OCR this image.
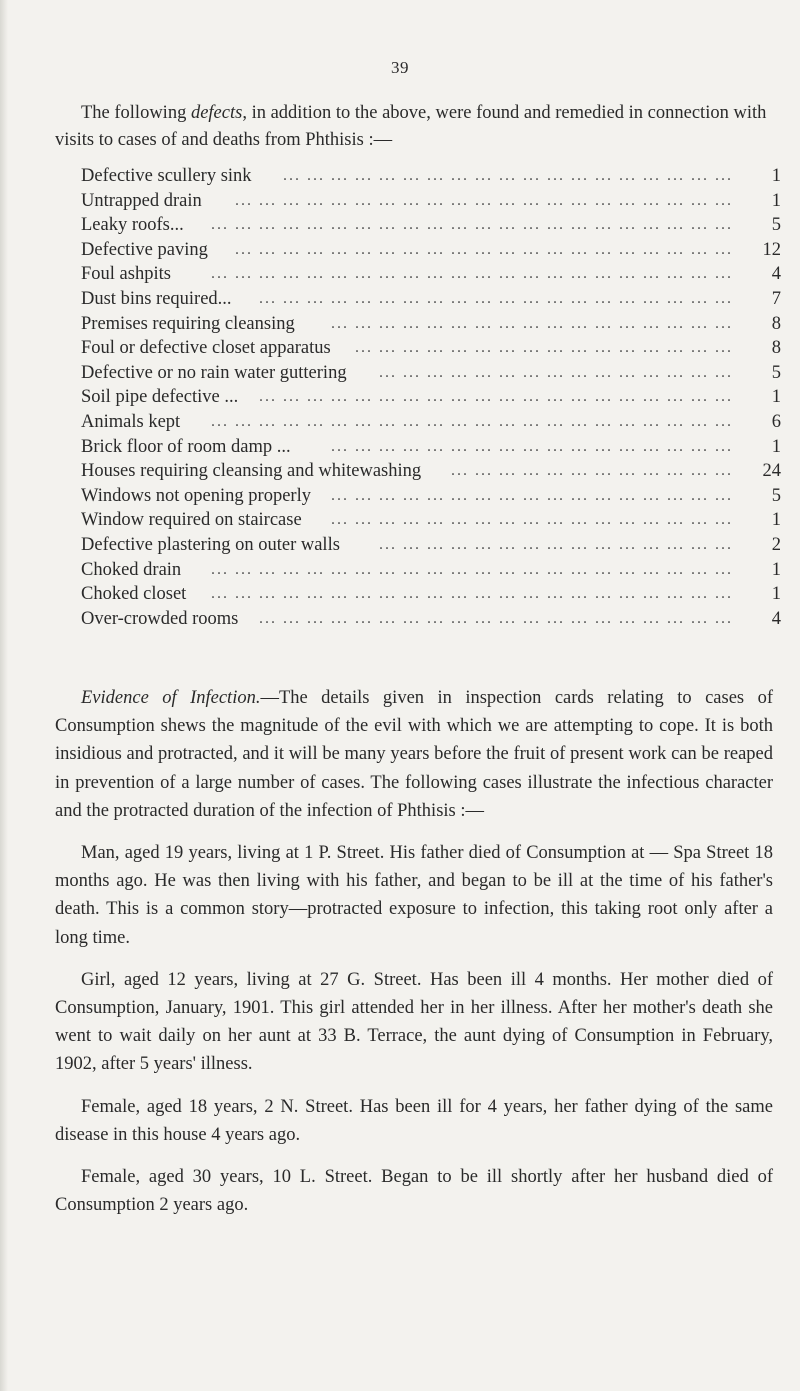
39

The following defects, in addition to the above, were found and remedied in connection with visits to cases of and deaths from Phthisis :—

Defective scullery sink ... ... ... ... ... ... ... ... ... ... ... ... ... ... ... ... ... ... ...	1
Untrapped drain ... ... ... ... ... ... ... ... ... ... ... ... ... ... ... ... ... ... ... ... ...	1
Leaky roofs... ... ... ... ... ... ... ... ... ... ... ... ... ... ... ... ... ... ... ... ... ... ...	5
Defective paving ... ... ... ... ... ... ... ... ... ... ... ... ... ... ... ... ... ... ... ... ...	12
Foul ashpits	... ... ... ... ... ... ... ... ... ... ... ... ... ... ... ... ... ... ... ... ... ...	4
Dust bins required... ... ... ... ... ... ... ... ... ... ... ... ... ... ... ... ... ... ... ... ...	7
Premises requiring cleansing ... ... ... ... ... ... ... ... ... ... ... ... ... ... ... ... ...	8
Foul or defective closet apparatus ... ... ... ... ... ... ... ... ... ... ... ... ... ... ... ...	8
Defective or no rain water guttering ... ... ... ... ... ... ... ... ... ... ... ... ... ... ...	5
Soil pipe defective ... ... ... ... ... ... ... ... ... ... ... ... ... ... ... ... ... ... ... ... ...	1
Animals kept ... ... ... ... ... ... ... ... ... ... ... ... ... ... ... ... ... ... ... ... ... ...	6
Brick floor of room damp ...	... ... ... ... ... ... ... ... ... ... ... ... ... ... ... ... ...	1
Houses requiring cleansing and whitewashing ... ... ... ... ... ... ... ... ... ... ... ...	24
Windows not opening properly ... ... ... ... ... ... ... ... ... ... ... ... ... ... ... ... ...	5
Window required on staircase ... ... ... ... ... ... ... ... ... ... ... ... ... ... ... ... ...	1
Defective plastering on outer walls ... ... ... ... ... ... ... ... ... ... ... ... ... ... ...	2
Choked drain ... ... ... ... ... ... ... ... ... ... ... ... ... ... ... ... ... ... ... ... ... ...	1
Choked closet ... ... ... ... ... ... ... ... ... ... ... ... ... ... ... ... ... ... ... ... ... ...	1
Over-crowded rooms ... ... ... ... ... ... ... ... ... ... ... ... ... ... ... ... ... ... ... ...	4

Evidence of Infection.—The details given in inspection cards relating to cases of Consumption shews the magnitude of the evil with which we are attempting to cope. It is both insidious and protracted, and it will be many years before the fruit of present work can be reaped in prevention of a large number of cases. The following cases illustrate the infectious character and the protracted duration of the infection of Phthisis :—

Man, aged 19 years, living at 1 P. Street. His father died of Consumption at — Spa Street 18 months ago. He was then living with his father, and began to be ill at the time of his father's death. This is a common story—protracted exposure to infection, this taking root only after a long time.

Girl, aged 12 years, living at 27 G. Street. Has been ill 4 months. Her mother died of Consumption, January, 1901. This girl attended her in her illness. After her mother's death she went to wait daily on her aunt at 33 B. Terrace, the aunt dying of Consumption in February, 1902, after 5 years' illness.

Female, aged 18 years, 2 N. Street. Has been ill for 4 years, her father dying of the same disease in this house 4 years ago.

Female, aged 30 years, 10 L. Street. Began to be ill shortly after her husband died of Consumption 2 years ago.
